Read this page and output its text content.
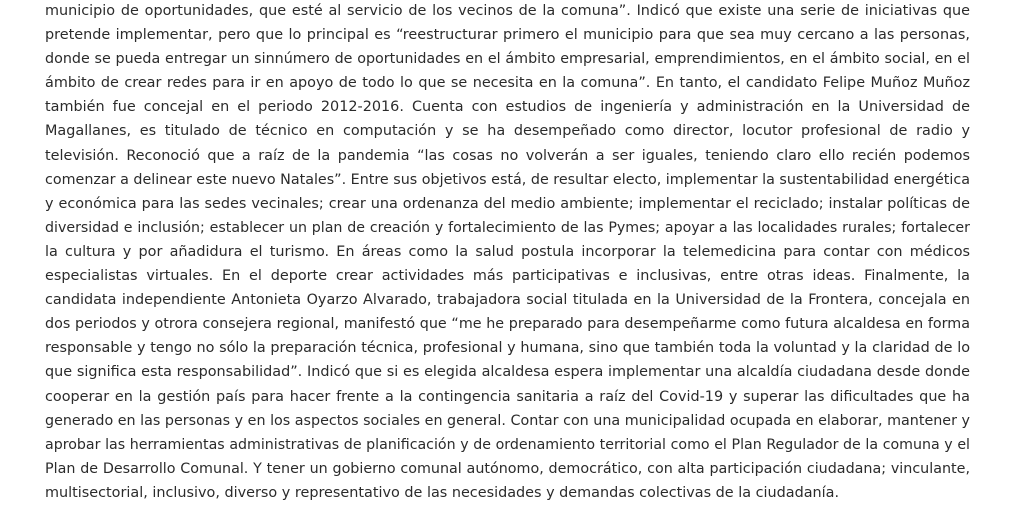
municipio de oportunidades, que esté al servicio de los vecinos de la comuna”. Indicó que existe una serie de iniciativas que
pretende implementar, pero que lo principal es “reestructurar primero el municipio para que sea muy cercano a las personas,
donde se pueda entregar un sinnúmero de oportunidades en el ámbito empresarial, emprendimientos, en el ámbito social, en el
ámbito de crear redes para ir en apoyo de todo lo que se necesita en la comuna”. En tanto, el candidato Felipe Muñoz Muñoz
también fue concejal en el periodo 2012-2016. Cuenta con estudios de ingeniería y administración en la Universidad de
Magallanes, es titulado de técnico en computación y se ha desempeñado como director, locutor profesional de radio y
televisión. Reconoció que a raíz de la pandemia “las cosas no volverán a ser iguales, teniendo claro ello recién podemos
comenzar a delinear este nuevo Natales”. Entre sus objetivos está, de resultar electo, implementar la sustentabilidad energética
y económica para las sedes vecinales; crear una ordenanza del medio ambiente; implementar el reciclado; instalar políticas de
diversidad e inclusión; establecer un plan de creación y fortalecimiento de las Pymes; apoyar a las localidades rurales; fortalecer
la cultura y por añadidura el turismo. En áreas como la salud postula incorporar la telemedicina para contar con médicos
especialistas virtuales. En el deporte crear actividades más participativas e inclusivas, entre otras ideas. Finalmente, la
candidata independiente Antonieta Oyarzo Alvarado, trabajadora social titulada en la Universidad de la Frontera, concejala en
dos periodos y otrora consejera regional, manifestó que “me he preparado para desempeñarme como futura alcaldesa en forma
responsable y tengo no sólo la preparación técnica, profesional y humana, sino que también toda la voluntad y la claridad de lo
que significa esta responsabilidad”. Indicó que si es elegida alcaldesa espera implementar una alcaldía ciudadana desde donde
cooperar en la gestión país para hacer frente a la contingencia sanitaria a raíz del Covid-19 y superar las dificultades que ha
generado en las personas y en los aspectos sociales en general. Contar con una municipalidad ocupada en elaborar, mantener y
aprobar las herramientas administrativas de planificación y de ordenamiento territorial como el Plan Regulador de la comuna y el
Plan de Desarrollo Comunal. Y tener un gobierno comunal autónomo, democrático, con alta participación ciudadana; vinculante,
multisectorial, inclusivo, diverso y representativo de las necesidades y demandas colectivas de la ciudadanía.
